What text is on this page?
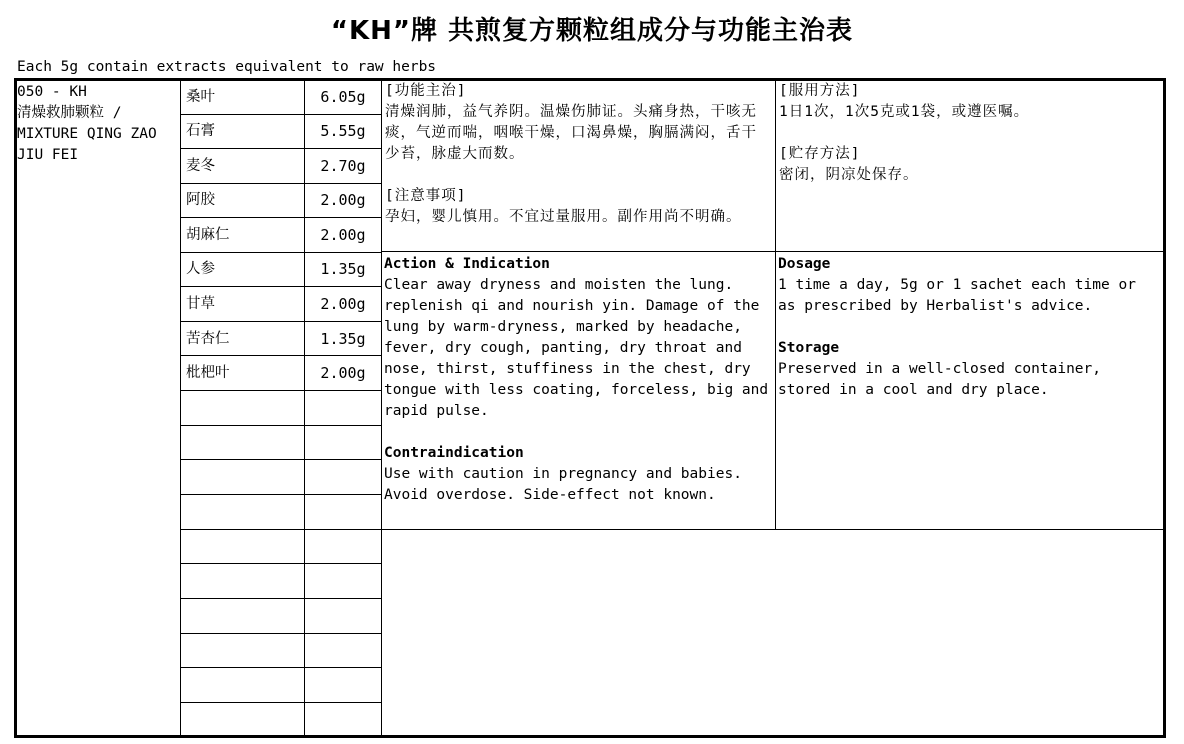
“KH”牌 共煎复方颗粒组成分与功能主治表
Each 5g contain extracts equivalent to raw herbs
050 - KH
清燥救肺颗粒 /
MIXTURE QING ZAO JIU FEI
桑叶	6.05g
石膏	5.55g
麦冬	2.70g
阿胶	2.00g
胡麻仁	2.00g
人参	1.35g
甘草	2.00g
苦杏仁	1.35g
枇杷叶	2.00g
[功能主治]
清燥润肺，益气养阴。温燥伤肺证。头痛身热，干咳无痰，气逆而喘，咽喉干燥，口渴鼻燥，胸膈满闷，舌干少苔，脉虚大而数。
[注意事项]
孕妇，婴儿慎用。不宜过量服用。副作用尚不明确。
[服用方法]
1日1次，1次5克或1袋，或遵医嘱。
[贮存方法]
密闭，阴凉处保存。
Action & Indication
Clear away dryness and moisten the lung. replenish qi and nourish yin. Damage of the lung by warm-dryness, marked by headache, fever, dry cough, panting, dry throat and nose, thirst, stuffiness in the chest, dry tongue with less coating, forceless, big and rapid pulse.
Contraindication
Use with caution in pregnancy and babies. Avoid overdose. Side-effect not known.
Dosage
1 time a day, 5g or 1 sachet each time or as prescribed by Herbalist's advice.
Storage
Preserved in a well-closed container, stored in a cool and dry place.
